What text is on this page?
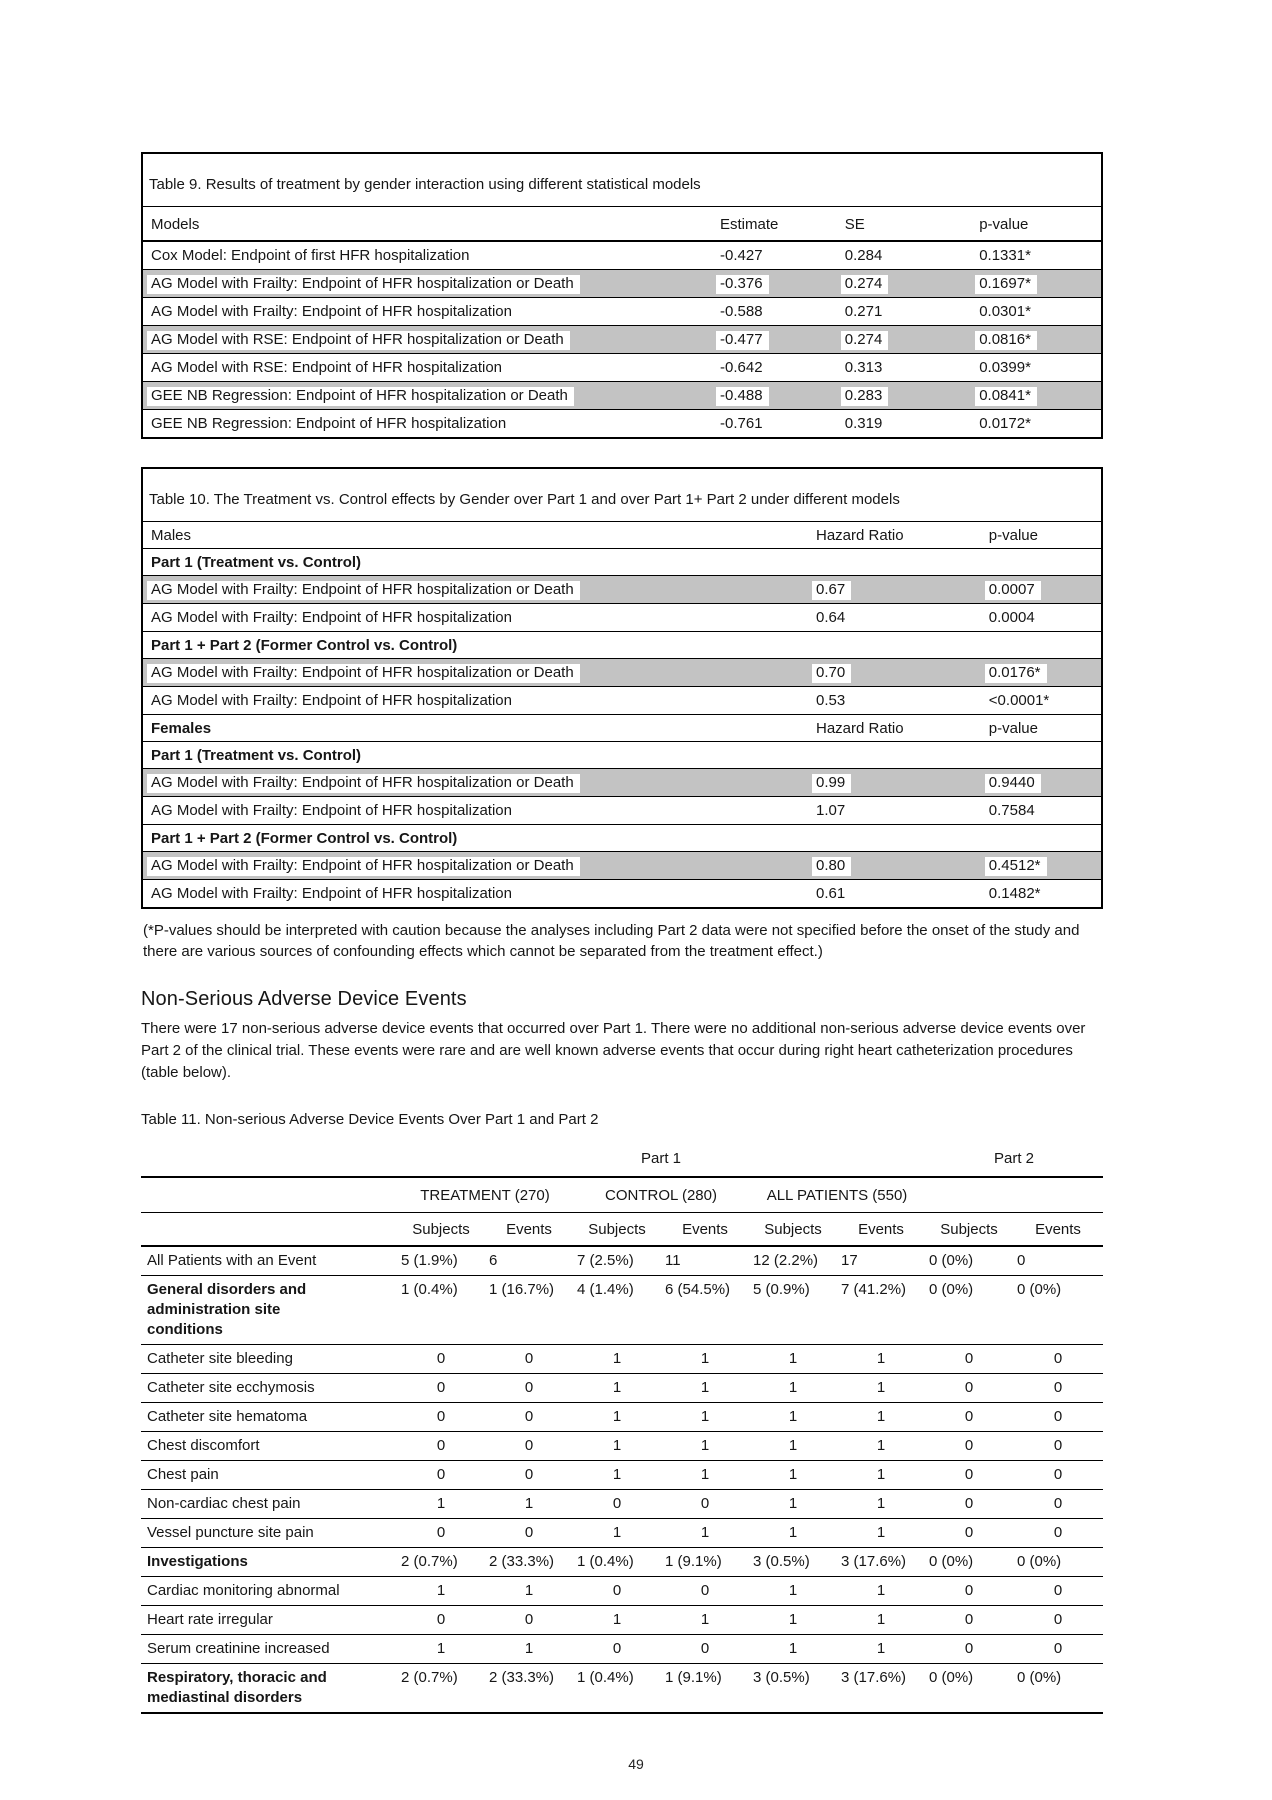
Table 9. Results of treatment by gender interaction using different statistical models			
Models	Estimate	SE	p-value
Cox Model: Endpoint of first HFR hospitalization	-0.427	0.284	0.1331*
AG Model with Frailty: Endpoint of HFR hospitalization or Death	-0.376	0.274	0.1697*
AG Model with Frailty: Endpoint of HFR hospitalization	-0.588	0.271	0.0301*
AG Model with RSE: Endpoint of HFR hospitalization or Death	-0.477	0.274	0.0816*
AG Model with RSE: Endpoint of HFR hospitalization	-0.642	0.313	0.0399*
GEE NB Regression: Endpoint of HFR hospitalization or Death	-0.488	0.283	0.0841*
GEE NB Regression: Endpoint of HFR hospitalization	-0.761	0.319	0.0172*
Table 10. The Treatment vs. Control effects by Gender over Part 1 and over Part 1+ Part 2 under different models		
Males	Hazard Ratio	p-value
Part 1 (Treatment vs. Control)		
AG Model with Frailty: Endpoint of HFR hospitalization or Death	0.67	0.0007
AG Model with Frailty: Endpoint of HFR hospitalization	0.64	0.0004
Part 1 + Part 2 (Former Control vs. Control)		
AG Model with Frailty: Endpoint of HFR hospitalization or Death	0.70	0.0176*
AG Model with Frailty: Endpoint of HFR hospitalization	0.53	<0.0001*
Females	Hazard Ratio	p-value
Part 1 (Treatment vs. Control)		
AG Model with Frailty: Endpoint of HFR hospitalization or Death	0.99	0.9440
AG Model with Frailty: Endpoint of HFR hospitalization	1.07	0.7584
Part 1 + Part 2 (Former Control vs. Control)		
AG Model with Frailty: Endpoint of HFR hospitalization or Death	0.80	0.4512*
AG Model with Frailty: Endpoint of HFR hospitalization	0.61	0.1482*

(*P-values should be interpreted with caution because the analyses including Part 2 data were not specified before the onset of the study and there are various sources of confounding effects which cannot be separated from the treatment effect.)

Non-Serious Adverse Device Events

There were 17 non-serious adverse device events that occurred over Part 1. There were no additional non-serious adverse device events over Part 2 of the clinical trial. These events were rare and are well known adverse events that occur during right heart catheterization procedures (table below).

Table 11. Non-serious Adverse Device Events Over Part 1 and Part 2

	Part 1						Part 2	
	TREATMENT (270)		CONTROL (280)		ALL PATIENTS (550)			
	Subjects	Events	Subjects	Events	Subjects	Events	Subjects	Events
All Patients with an Event	5 (1.9%)	6	7 (2.5%)	11	12 (2.2%)	17	0 (0%)	0
General disorders and administration site conditions	1 (0.4%)	1 (16.7%)	4 (1.4%)	6 (54.5%)	5 (0.9%)	7 (41.2%)	0 (0%)	0 (0%)
Catheter site bleeding	0	0	1	1	1	1	0	0
Catheter site ecchymosis	0	0	1	1	1	1	0	0
Catheter site hematoma	0	0	1	1	1	1	0	0
Chest discomfort	0	0	1	1	1	1	0	0
Chest pain	0	0	1	1	1	1	0	0
Non-cardiac chest pain	1	1	0	0	1	1	0	0
Vessel puncture site pain	0	0	1	1	1	1	0	0
Investigations	2 (0.7%)	2 (33.3%)	1 (0.4%)	1 (9.1%)	3 (0.5%)	3 (17.6%)	0 (0%)	0 (0%)
Cardiac monitoring abnormal	1	1	0	0	1	1	0	0
Heart rate irregular	0	0	1	1	1	1	0	0
Serum creatinine increased	1	1	0	0	1	1	0	0
Respiratory, thoracic and mediastinal disorders	2 (0.7%)	2 (33.3%)	1 (0.4%)	1 (9.1%)	3 (0.5%)	3 (17.6%)	0 (0%)	0 (0%)
49
